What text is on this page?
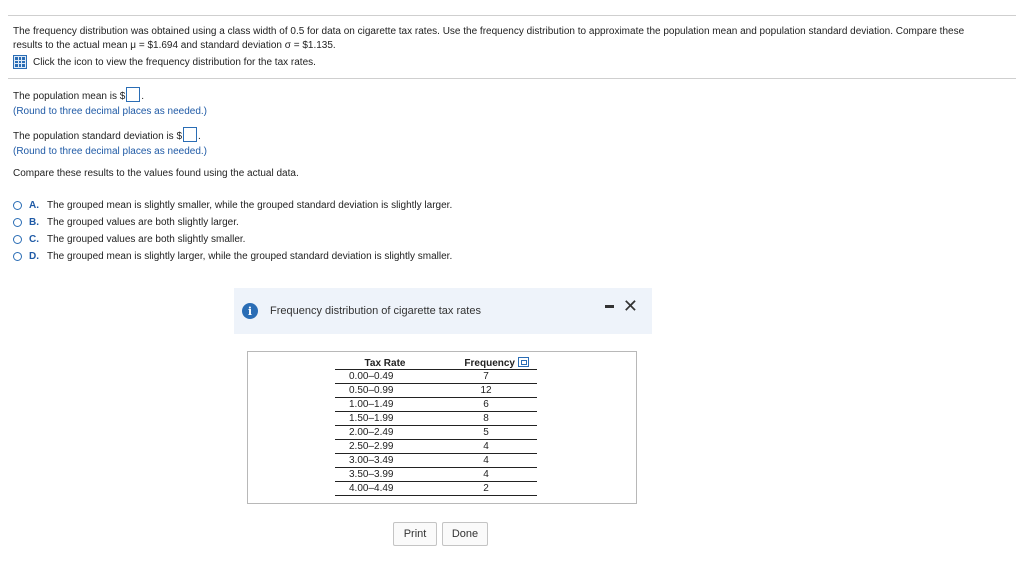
The frequency distribution was obtained using a class width of 0.5 for data on cigarette tax rates. Use the frequency distribution to approximate the population mean and population standard deviation. Compare these
results to the actual mean μ = $1.694 and standard deviation σ = $1.135.
Click the icon to view the frequency distribution for the tax rates.
The population mean is $ .
(Round to three decimal places as needed.)
The population standard deviation is $ .
(Round to three decimal places as needed.)
Compare these results to the values found using the actual data.
A. The grouped mean is slightly smaller, while the grouped standard deviation is slightly larger.
B. The grouped values are both slightly larger.
C. The grouped values are both slightly smaller.
D. The grouped mean is slightly larger, while the grouped standard deviation is slightly smaller.
i	Frequency distribution of cigarette tax rates	✕
Tax Rate	Frequency
0.00–0.49	7
0.50–0.99	12
1.00–1.49	6
1.50–1.99	8
2.00–2.49	5
2.50–2.99	4
3.00–3.49	4
3.50–3.99	4
4.00–4.49	2
Print	Done
